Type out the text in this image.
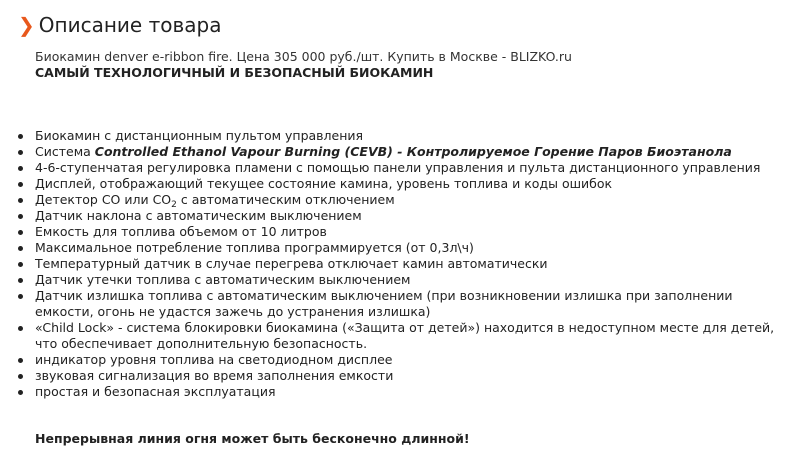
❯ Описание товара
Биокамин denver e-ribbon fire. Цена 305 000 руб./шт. Купить в Москве - BLIZKO.ru
САМЫЙ ТЕХНОЛОГИЧНЫЙ И БЕЗОПАСНЫЙ БИОКАМИН
Биокамин с дистанционным пультом управления
Система Controlled Ethanol Vapour Burning (CEVB) - Контролируемое Горение Паров Биоэтанола
4-6-ступенчатая регулировка пламени с помощью панели управления и пульта дистанционного управления
Дисплей, отображающий текущее состояние камина, уровень топлива и коды ошибок
Детектор CO или $CO_2$ с автоматическим отключением
Датчик наклона с автоматическим выключением
Емкость для топлива объемом от 10 литров
Максимальное потребление топлива программируется (от 0,3л\ч)
Температурный датчик в случае перегрева отключает камин автоматически
Датчик утечки топлива с автоматическим выключением
Датчик излишка топлива с автоматическим выключением (при возникновении излишка при заполнении емкости, огонь не удастся зажечь до устранения излишка)
«Child Lock» - система блокировки биокамина («Защита от детей») находится в недоступном месте для детей, что обеспечивает дополнительную безопасность.
индикатор уровня топлива на светодиодном дисплее
звуковая сигнализация во время заполнения емкости
простая и безопасная эксплуатация
Непрерывная линия огня может быть бесконечно длинной!
